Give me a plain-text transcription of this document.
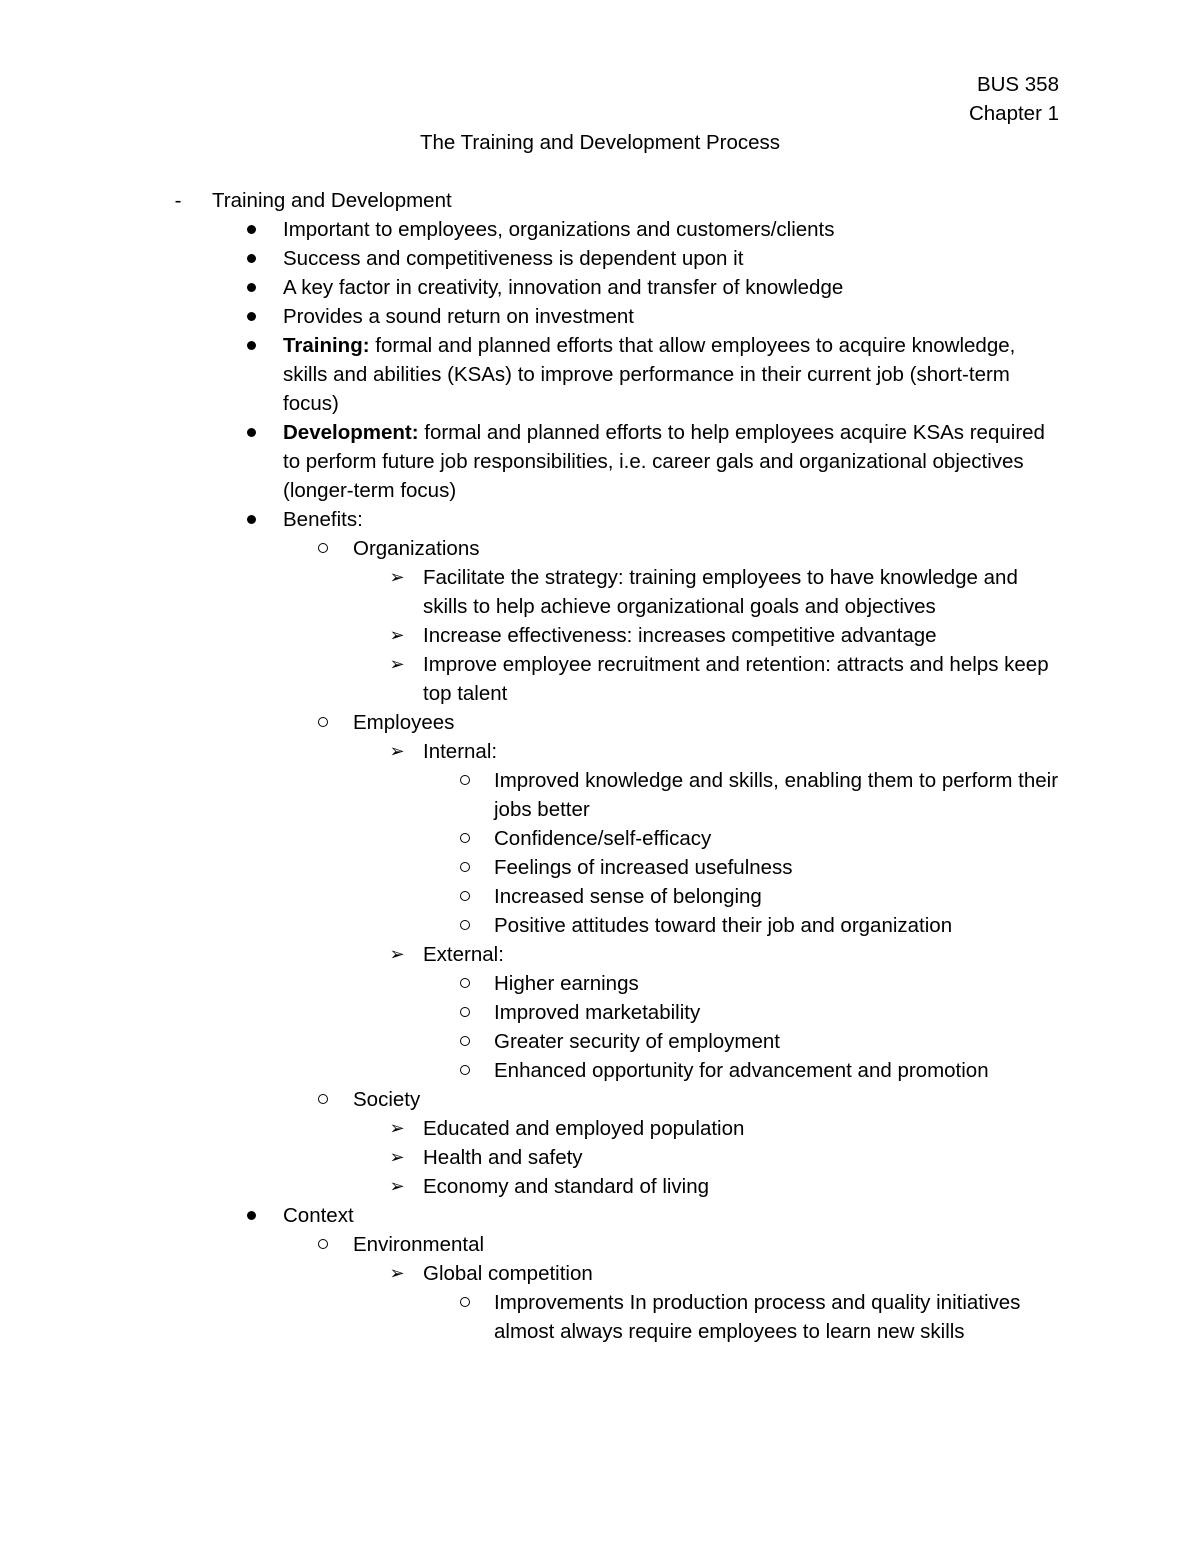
BUS 358
Chapter 1
The Training and Development Process
-	Training and Development
Important to employees, organizations and customers/clients
Success and competitiveness is dependent upon it
A key factor in creativity, innovation and transfer of knowledge
Provides a sound return on investment
Training: formal and planned efforts that allow employees to acquire knowledge, skills and abilities (KSAs) to improve performance in their current job (short-term focus)
Development: formal and planned efforts to help employees acquire KSAs required to perform future job responsibilities, i.e. career gals and organizational objectives (longer-term focus)
Benefits:
Organizations
➢ Facilitate the strategy: training employees to have knowledge and skills to help achieve organizational goals and objectives
➢ Increase effectiveness: increases competitive advantage
➢ Improve employee recruitment and retention: attracts and helps keep top talent
Employees
➢ Internal:
Improved knowledge and skills, enabling them to perform their jobs better
Confidence/self-efficacy
Feelings of increased usefulness
Increased sense of belonging
Positive attitudes toward their job and organization
➢ External:
Higher earnings
Improved marketability
Greater security of employment
Enhanced opportunity for advancement and promotion
Society
➢ Educated and employed population
➢ Health and safety
➢ Economy and standard of living
Context
Environmental
➢ Global competition
Improvements In production process and quality initiatives almost always require employees to learn new skills
